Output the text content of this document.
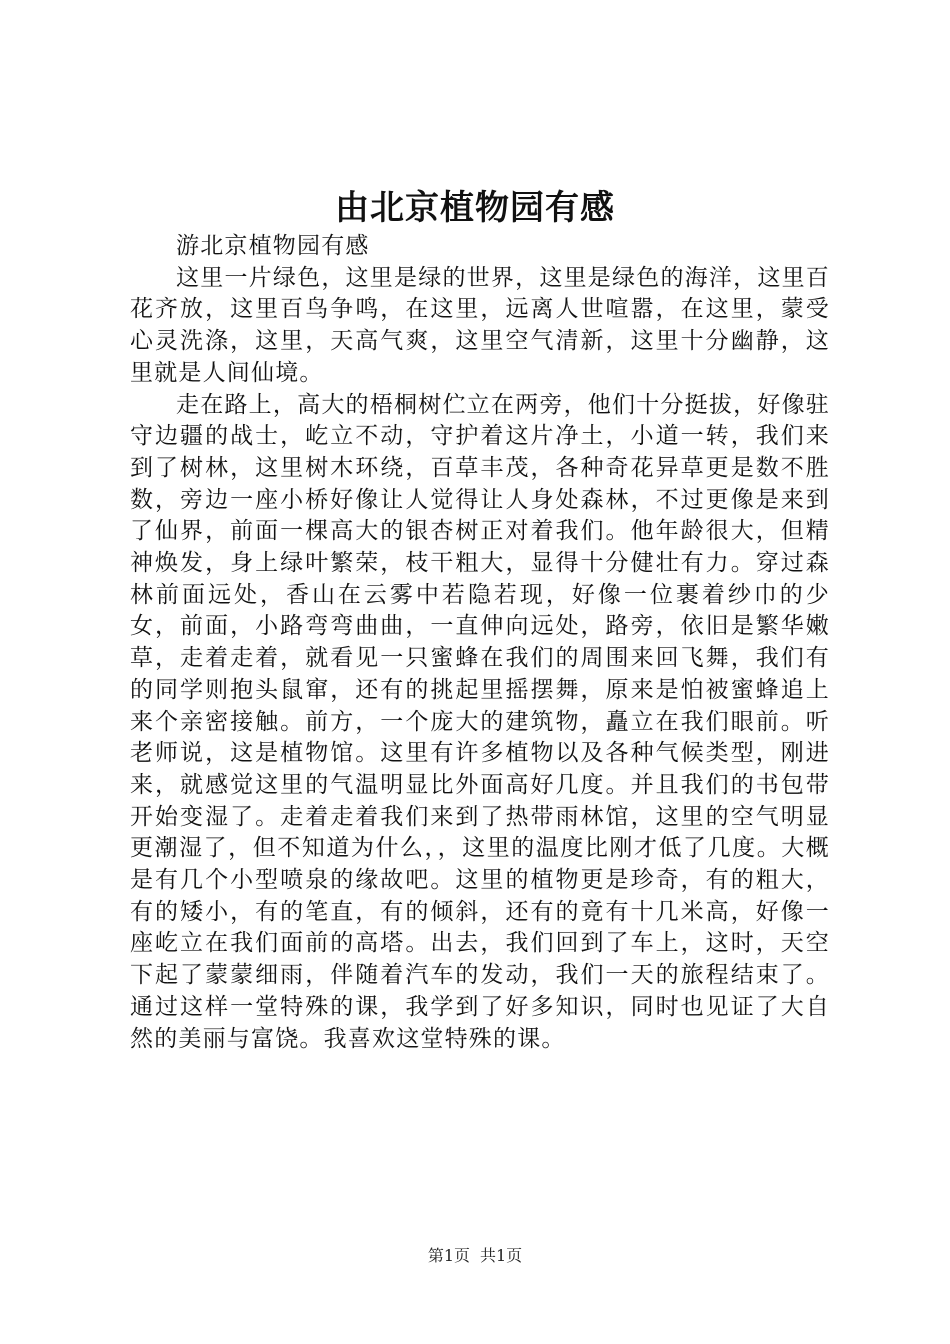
由北京植物园有感

游北京植物园有感

这里一片绿色，这里是绿的世界，这里是绿色的海洋，这里百花齐放，这里百鸟争鸣，在这里，远离人世喧嚣，在这里，蒙受心灵洗涤，这里，天高气爽，这里空气清新，这里十分幽静，这里就是人间仙境。

走在路上，高大的梧桐树伫立在两旁，他们十分挺拔，好像驻守边疆的战士，屹立不动，守护着这片净土，小道一转，我们来到了树林，这里树木环绕，百草丰茂，各种奇花异草更是数不胜数，旁边一座小桥好像让人觉得让人身处森林，不过更像是来到了仙界，前面一棵高大的银杏树正对着我们。他年龄很大，但精神焕发，身上绿叶繁荣，枝干粗大，显得十分健壮有力。穿过森林前面远处，香山在云雾中若隐若现，好像一位裹着纱巾的少女，前面，小路弯弯曲曲，一直伸向远处，路旁，依旧是繁华嫩草，走着走着，就看见一只蜜蜂在我们的周围来回飞舞，我们有的同学则抱头鼠窜，还有的挑起里摇摆舞，原来是怕被蜜蜂追上来个亲密接触。前方，一个庞大的建筑物，矗立在我们眼前。听老师说，这是植物馆。这里有许多植物以及各种气候类型，刚进来，就感觉这里的气温明显比外面高好几度。并且我们的书包带开始变湿了。走着走着我们来到了热带雨林馆，这里的空气明显更潮湿了，但不知道为什么，，这里的温度比刚才低了几度。大概是有几个小型喷泉的缘故吧。这里的植物更是珍奇，有的粗大，有的矮小，有的笔直，有的倾斜，还有的竟有十几米高，好像一座屹立在我们面前的高塔。出去，我们回到了车上，这时，天空下起了蒙蒙细雨，伴随着汽车的发动，我们一天的旅程结束了。通过这样一堂特殊的课，我学到了好多知识，同时也见证了大自然的美丽与富饶。我喜欢这堂特殊的课。

第1页 共1页
